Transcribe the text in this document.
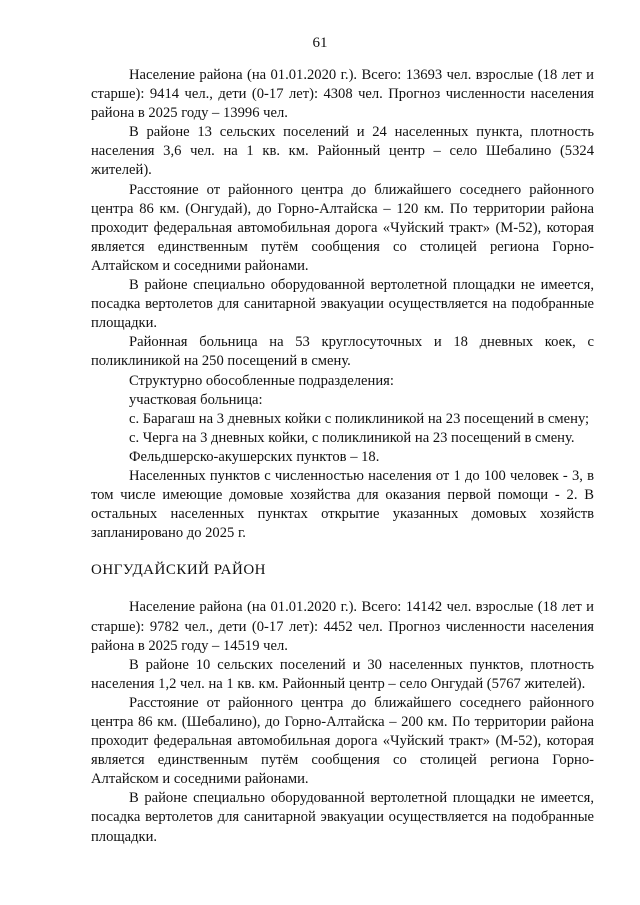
61

Население района (на 01.01.2020 г.). Всего: 13693 чел. взрослые (18 лет и старше): 9414 чел., дети (0-17 лет): 4308 чел. Прогноз численности населения района в 2025 году – 13996 чел.

В районе 13 сельских поселений и 24 населенных пункта, плотность населения 3,6 чел. на 1 кв. км. Районный центр – село Шебалино (5324 жителей).

Расстояние от районного центра до ближайшего соседнего районного центра 86 км. (Онгудай), до Горно-Алтайска – 120 км. По территории района проходит федеральная автомобильная дорога «Чуйский тракт» (М-52), которая является единственным путём сообщения со столицей региона Горно-Алтайском и соседними районами.

В районе специально оборудованной вертолетной площадки не имеется, посадка вертолетов для санитарной эвакуации осуществляется на подобранные площадки.

Районная больница на 53 круглосуточных и 18 дневных коек, с поликлиникой на 250 посещений в смену.

Структурно обособленные подразделения:

участковая больница:

с. Барагаш на 3 дневных койки с поликлиникой на 23 посещений в смену;

с. Черга на 3 дневных койки, с поликлиникой на 23 посещений в смену.

Фельдшерско-акушерских пунктов – 18.

Населенных пунктов с численностью населения от 1 до 100 человек - 3, в том числе имеющие домовые хозяйства для оказания первой помощи - 2. В остальных населенных пунктах открытие указанных домовых хозяйств запланировано до 2025 г.

ОНГУДАЙСКИЙ РАЙОН

Население района (на 01.01.2020 г.). Всего: 14142 чел. взрослые (18 лет и старше): 9782 чел., дети (0-17 лет): 4452 чел. Прогноз численности населения района в 2025 году – 14519 чел.

В районе 10 сельских поселений и 30 населенных пунктов, плотность населения 1,2 чел. на 1 кв. км. Районный центр – село Онгудай (5767 жителей).

Расстояние от районного центра до ближайшего соседнего районного центра 86 км. (Шебалино), до Горно-Алтайска – 200 км. По территории района проходит федеральная автомобильная дорога «Чуйский тракт» (М-52), которая является единственным путём сообщения со столицей региона Горно-Алтайском и соседними районами.

В районе специально оборудованной вертолетной площадки не имеется, посадка вертолетов для санитарной эвакуации осуществляется на подобранные площадки.
